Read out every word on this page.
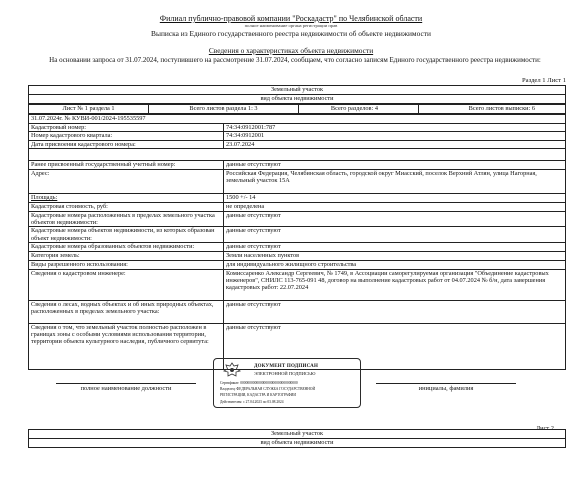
Филиал публично-правовой компании "Роскадастр" по Челябинской области
полное наименование органа регистрации прав
Выписка из Единого государственного реестра недвижимости об объекте недвижимости
Сведения о характеристиках объекта недвижимости
На основании запроса от 31.07.2024, поступившего на рассмотрение 31.07.2024, сообщаем, что согласно записям Единого государственного реестра недвижимости:
Раздел 1 Лист 1
Земельный участок
вид объекта недвижимости
Лист № 1 раздела 1	Всего листов раздела 1: 3	Всего разделов: 4	Всего листов выписки: 6
31.07.2024г. № КУВИ-001/2024-195535597	
Кадастровый номер:	74:34:0912001:787
Номер кадастрового квартала:	74:34:0912001
Дата присвоения кадастрового номера:	23.07.2024
Ранее присвоенный государственный учетный номер:	данные отсутствуют
Адрес:	Российская Федерация, Челябинская область, городской округ Миасский, поселок Верхний Атлян, улица Нагорная, земельный участок 15А
Площадь:	1500 +/- 14
Кадастровая стоимость, руб:	не определена
Кадастровые номера расположенных в пределах земельного участка объектов недвижимости:	данные отсутствуют
Кадастровые номера объектов недвижимости, из которых образован объект недвижимости:	данные отсутствуют
Кадастровые номера образованных объектов недвижимости:	данные отсутствуют
Категория земель:	Земли населенных пунктов
Виды разрешенного использования:	для индивидуального жилищного строительства
Сведения о кадастровом инженере:	Комиссаренко Александр Сергеевич, № 1749, в Ассоциации саморегулируемая организация "Объединение кадастровых инженеров", СНИЛС 113-765-091 48, договор на выполнение кадастровых работ от 04.07.2024 № б/н, дата завершения кадастровых работ: 22.07.2024
Сведения о лесах, водных объектах и об иных природных объектах, расположенных в пределах земельного участка:	данные отсутствуют
Сведения о том, что земельный участок полностью расположен в границах зоны с особыми условиями использования территории, территории объекта культурного наследия, публичного сервитута:	данные отсутствуют
полное наименование должности
ДОКУМЕНТ ПОДПИСАН
ЭЛЕКТРОННОЙ ПОДПИСЬЮ
Сертификат: 00000000000000000000000000000000
Владелец: ФЕДЕРАЛЬНАЯ СЛУЖБА ГОСУДАРСТВЕННОЙ
РЕГИСТРАЦИИ, КАДАСТРА И КАРТОГРАФИИ
Действителен: с 27.04.2023 по 03.08.2024
инициалы, фамилия
Лист 2
Земельный участок
вид объекта недвижимости
